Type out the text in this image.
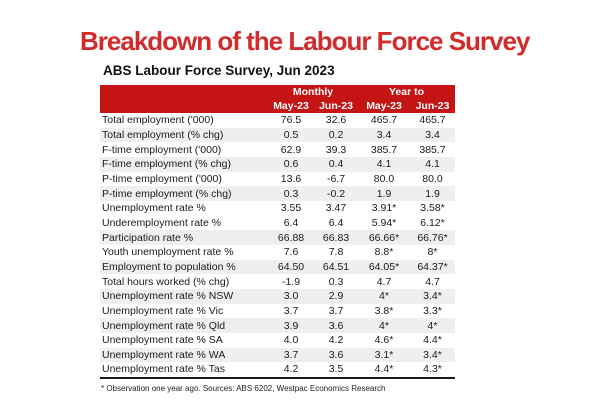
Breakdown of the Labour Force Survey
ABS Labour Force Survey, Jun 2023
Monthly	Year to
May-23 Jun-23	May-23	Jun-23
Total employment ('000)	76.5	32.6	465.7	465.7
Total employment (% chg)	0.5	0.2	3.4	3.4
F-time employment ('000)	62.9	39.3	385.7	385.7
F-time employment (% chg)	0.6	0.4	4.1	4.1
P-time employment ('000)	13.6	-6.7	80.0	80.0
P-time employment (% chg)	0.3	-0.2	1.9	1.9
Unemployment rate %	3.55	3.47	3.91*	3.58*
Underemployment rate %	6.4	6.4	5.94*	6.12*
Participation rate %	66.88	66.83	66.66*	66.76*
Youth unemployment rate %	7.6	7.8	8.8*	8*
Employment to population %	64.50	64.51	64.05*	64.37*
Total hours worked (% chg)	-1.9	0.3	4.7	4.7
Unemployment rate % NSW	3.0	2.9	4*	3.4*
Unemployment rate % Vic	3.7	3.7	3.8*	3.3*
Unemployment rate % Qld	3.9	3.6	4*	4*
Unemployment rate % SA	4.0	4.2	4.6*	4.4*
Unemployment rate % WA	3.7	3.6	3.1*	3.4*
Unemployment rate % Tas	4.2	3.5	4.4*	4.3*
* Observation one year ago. Sources: ABS 6202, Westpac Economics Research
